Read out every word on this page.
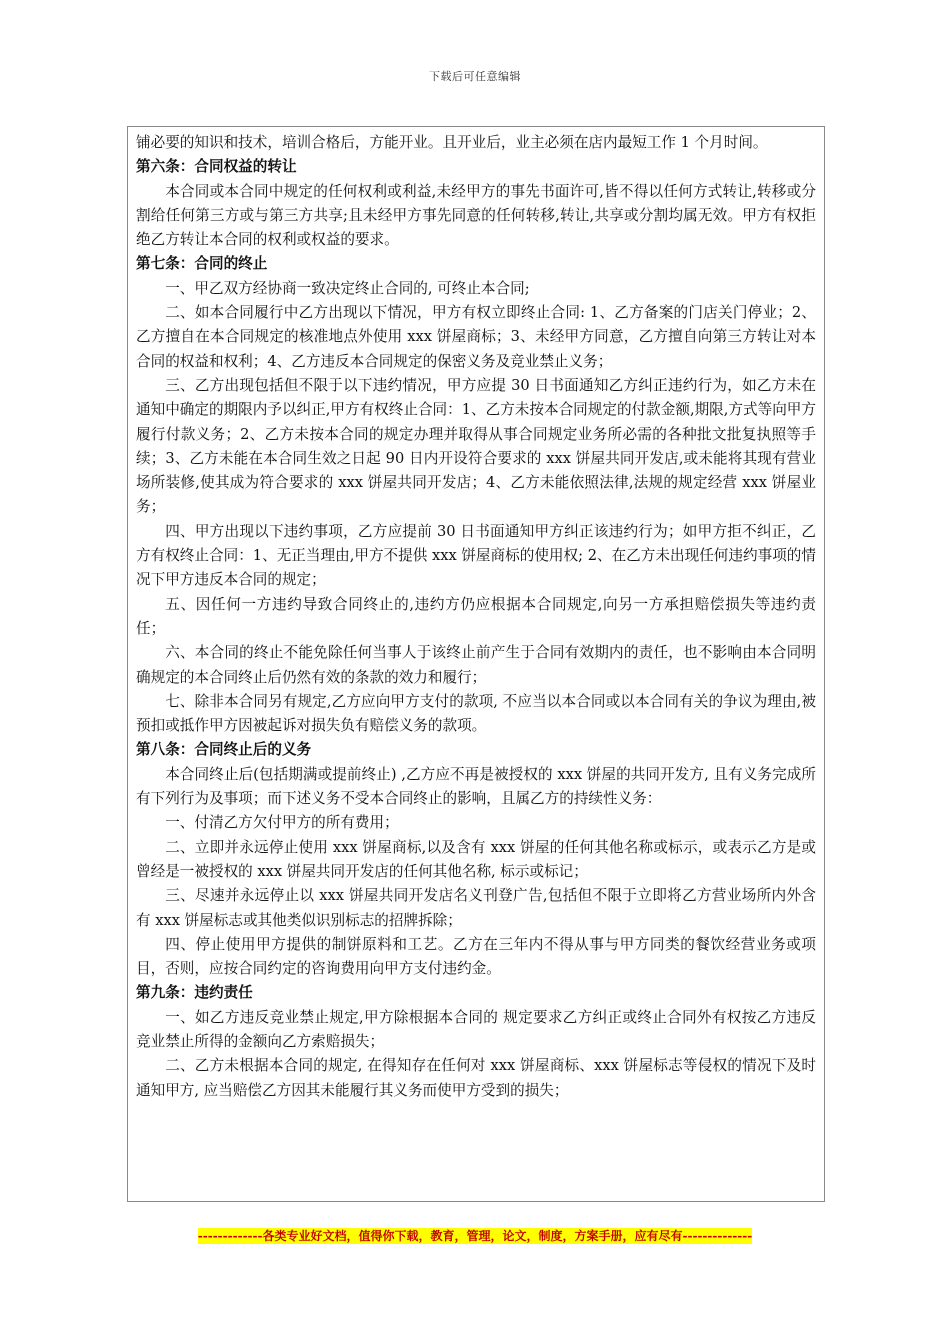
下载后可任意编辑

铺必要的知识和技术，培训合格后，方能开业。且开业后，业主必须在店内最短工作 1 个月时间。

第六条：合同权益的转让

本合同或本合同中规定的任何权利或利益,未经甲方的事先书面许可,皆不得以任何方式转让,转移或分割给任何第三方或与第三方共享;且未经甲方事先同意的任何转移,转让,共享或分割均属无效。甲方有权拒绝乙方转让本合同的权利或权益的要求。

第七条：合同的终止

一、甲乙双方经协商一致决定终止合同的, 可终止本合同;

二、如本合同履行中乙方出现以下情况，甲方有权立即终止合同: 1、乙方备案的门店关门停业；2、乙方擅自在本合同规定的核准地点外使用 xxx 饼屋商标；3、未经甲方同意，乙方擅自向第三方转让对本合同的权益和权利；4、乙方违反本合同规定的保密义务及竞业禁止义务；

三、乙方出现包括但不限于以下违约情况，甲方应提 30 日书面通知乙方纠正违约行为，如乙方未在通知中确定的期限内予以纠正,甲方有权终止合同：1、乙方未按本合同规定的付款金额,期限,方式等向甲方履行付款义务；2、乙方未按本合同的规定办理并取得从事合同规定业务所必需的各种批文批复执照等手续；3、乙方未能在本合同生效之日起 90 日内开设符合要求的 xxx 饼屋共同开发店,或未能将其现有营业场所装修,使其成为符合要求的 xxx 饼屋共同开发店；4、乙方未能依照法律,法规的规定经营 xxx 饼屋业务；

四、甲方出现以下违约事项，乙方应提前 30 日书面通知甲方纠正该违约行为；如甲方拒不纠正，乙方有权终止合同：1、无正当理由,甲方不提供 xxx 饼屋商标的使用权; 2、在乙方未出现任何违约事项的情况下甲方违反本合同的规定；

五、因任何一方违约导致合同终止的,违约方仍应根据本合同规定,向另一方承担赔偿损失等违约责任；

六、本合同的终止不能免除任何当事人于该终止前产生于合同有效期内的责任，也不影响由本合同明确规定的本合同终止后仍然有效的条款的效力和履行；

七、除非本合同另有规定,乙方应向甲方支付的款项, 不应当以本合同或以本合同有关的争议为理由,被预扣或抵作甲方因被起诉对损失负有赔偿义务的款项。

第八条：合同终止后的义务

本合同终止后(包括期满或提前终止) ,乙方应不再是被授权的 xxx 饼屋的共同开发方, 且有义务完成所有下列行为及事项；而下述义务不受本合同终止的影响，且属乙方的持续性义务：

一、付清乙方欠付甲方的所有费用；

二、立即并永远停止使用 xxx 饼屋商标,以及含有 xxx 饼屋的任何其他名称或标示，或表示乙方是或曾经是一被授权的 xxx 饼屋共同开发店的任何其他名称, 标示或标记；

三、尽速并永远停止以 xxx 饼屋共同开发店名义刊登广告,包括但不限于立即将乙方营业场所内外含有 xxx 饼屋标志或其他类似识别标志的招牌拆除；

四、停止使用甲方提供的制饼原料和工艺。乙方在三年内不得从事与甲方同类的餐饮经营业务或项目，否则，应按合同约定的咨询费用向甲方支付违约金。

第九条：违约责任

一、如乙方违反竞业禁止规定,甲方除根据本合同的 规定要求乙方纠正或终止合同外有权按乙方违反竞业禁止所得的金额向乙方索赔损失；

二、乙方未根据本合同的规定, 在得知存在任何对 xxx 饼屋商标、xxx 饼屋标志等侵权的情况下及时通知甲方, 应当赔偿乙方因其未能履行其义务而使甲方受到的损失；

-------------各类专业好文档，值得你下载，教育，管理，论文，制度，方案手册，应有尽有--------------
